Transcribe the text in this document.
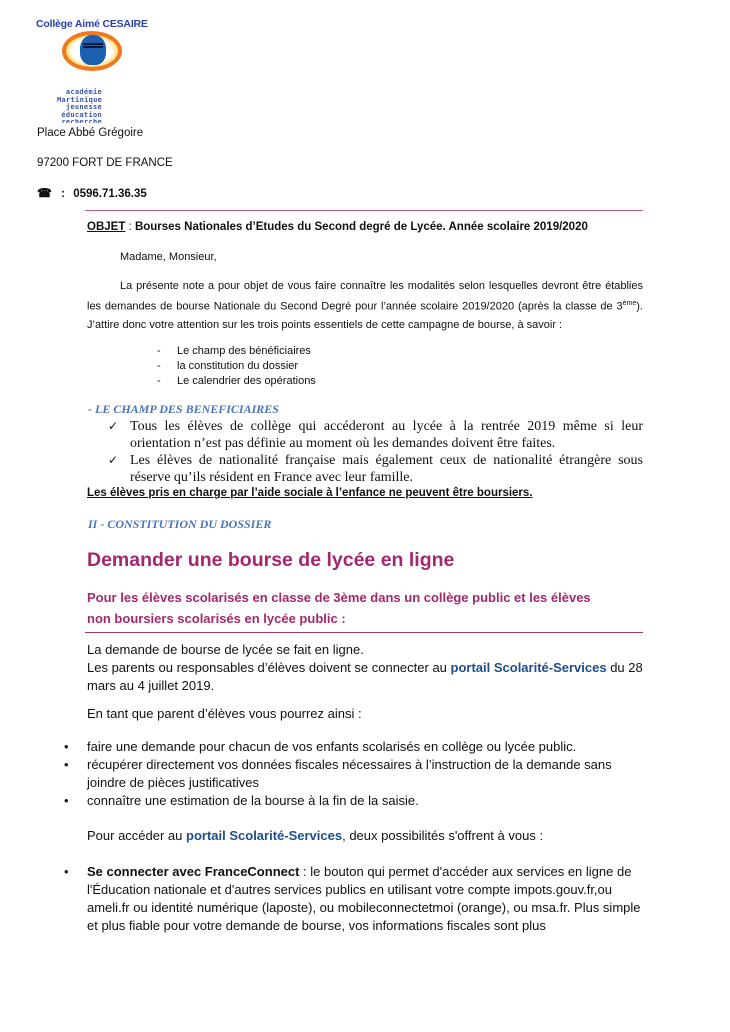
Collège Aimé CESAIRE
académie
Martinique
jeunesse
éducation
recherche
Place Abbé Grégoire
97200 FORT DE FRANCE
☎ : 0596.71.36.35
OBJET : Bourses Nationales d’Etudes du Second degré de Lycée. Année scolaire 2019/2020
Madame, Monsieur,
La présente note a pour objet de vous faire connaître les modalités selon lesquelles devront être établies les demandes de bourse Nationale du Second Degré pour l’année scolaire 2019/2020 (après la classe de 3ème). J’attire donc votre attention sur les trois points essentiels de cette campagne de bourse, à savoir :
- Le champ des bénéficiaires
- la constitution du dossier
- Le calendrier des opérations
- LE CHAMP DES BENEFICIAIRES
✓ Tous les élèves de collège qui accéderont au lycée à la rentrée 2019 même si leur orientation n’est pas définie au moment où les demandes doivent être faites.
✓ Les élèves de nationalité française mais également ceux de nationalité étrangère sous réserve qu’ils résident en France avec leur famille.
Les élèves pris en charge par l’aide sociale à l’enfance ne peuvent être boursiers.
II - CONSTITUTION DU DOSSIER
Demander une bourse de lycée en ligne
Pour les élèves scolarisés en classe de 3ème dans un collège public et les élèves non boursiers scolarisés en lycée public :
La demande de bourse de lycée se fait en ligne.
Les parents ou responsables d’élèves doivent se connecter au portail Scolarité-Services du 28 mars au 4 juillet 2019.
En tant que parent d’élèves vous pourrez ainsi :
• faire une demande pour chacun de vos enfants scolarisés en collège ou lycée public.
• récupérer directement vos données fiscales nécessaires à l’instruction de la demande sans joindre de pièces justificatives
• connaître une estimation de la bourse à la fin de la saisie.
Pour accéder au portail Scolarité-Services, deux possibilités s'offrent à vous :
• Se connecter avec FranceConnect : le bouton qui permet d'accéder aux services en ligne de l'Éducation nationale et d'autres services publics en utilisant votre compte impots.gouv.fr,ou ameli.fr ou identité numérique (laposte), ou mobileconnectetmoi (orange), ou msa.fr. Plus simple et plus fiable pour votre demande de bourse, vos informations fiscales sont plus
